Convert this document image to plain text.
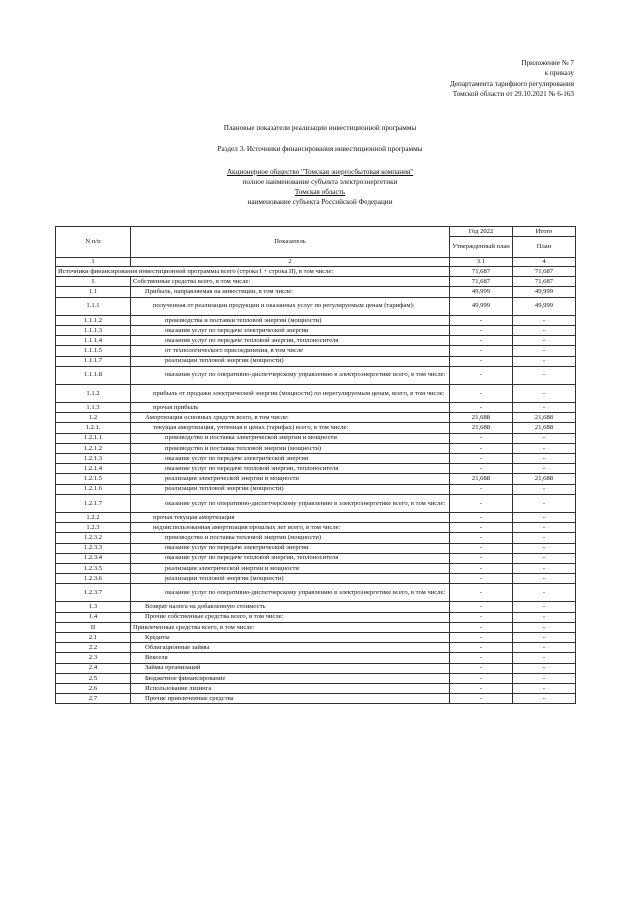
Приложение № 7
к приказу
Департамента тарифного регулирования
Томской области от 29.10.2021 № 6-163
Плановые показатели реализации инвестиционной программы
Раздел 3. Источники финансирования инвестиционной программы
Акционерное общество "Томская энергосбытовая компания"
полное наименование субъекта электроэнергетики
Томская область
наименование субъекта Российской Федерации
N п/п	Показатель	Год 2022	Итого
		Утвержденный план	План
1	2	3.1	4
Источники финансирования инвестиционной программы всего (строка I + строка II), в том числе:		71,687	71,687
I	Собственные средства всего, в том числе:	71,687	71,687
1.1	Прибыль, направляемая на инвестиции, в том числе:	49,999	49,999
1.1.1	полученная от реализации продукции и оказанных услуг по регулируемым ценам (тарифам):	49,999	49,999
1.1.1.2	производства и поставки тепловой энергии (мощности)	-	-
1.1.1.3	оказания услуг по передаче электрической энергии	-	-
1.1.1.4	оказания услуг по передаче тепловой энергии, теплоносителя	-	-
1.1.1.5	от технологического присоединения, в том числе	-	-
1.1.1.7	реализации тепловой энергии (мощности)	-	-
1.1.1.8	оказания услуг по оперативно-диспетчерскому управлению в электроэнергетике всего, в том числе:	-	-
1.1.2	прибыль от продажи электрической энергии (мощности) по нерегулируемым ценам, всего, в том числе:	-	-
1.1.3	прочая прибыль	-	-
1.2	Амортизация основных средств всего, в том числе:	21,688	21,688
1.2.1.	текущая амортизация, учтенная в ценах (тарифах) всего, в том числе:	21,688	21,688
1.2.1.1	производство и поставка электрической энергии и мощности	-	-
1.2.1.2	производство и поставка тепловой энергии (мощности)	-	-
1.2.1.3	оказание услуг по передаче электрической энергии	-	-
1.2.1.4	оказание услуг по передаче тепловой энергии, теплоносителя	-	-
1.2.1.5	реализация электрической энергии и мощности	21,688	21,688
1.2.1.6	реализации тепловой энергии (мощности)	-	-
1.2.1.7	оказание услуг по оперативно-диспетчерскому управлению в электроэнергетике всего, в том числе:	-	-
1.2.2	прочая текущая амортизация	-	-
1.2.3	недоиспользованная амортизация прошлых лет всего, в том числе:	-	-
1.2.3.2	производство и поставка тепловой энергии (мощности)	-	-
1.2.3.3	оказание услуг по передаче электрической энергии	-	-
1.2.3.4	оказание услуг по передаче тепловой энергии, теплоносителя	-	-
1.2.3.5	реализация электрической энергии и мощности	-	-
1.2.3.6	реализации тепловой энергии (мощности)	-	-
1.2.3.7	оказание услуг по оперативно-диспетчерскому управлению в электроэнергетике всего, в том числе:	-	-
1.3	Возврат налога на добавленную стоимость	-	-
1.4	Прочие собственные средства всего, в том числе:	-	-
II	Привлеченные средства всего, в том числе:	-	-
2.1	Кредиты	-	-
2.2	Облигационные займы	-	-
2.3	Векселя	-	-
2.4	Займы организаций	-	-
2.5	Бюджетное финансирование	-	-
2.6	Использование лизинга	-	-
2.7	Прочие привлеченные средства	-	-
